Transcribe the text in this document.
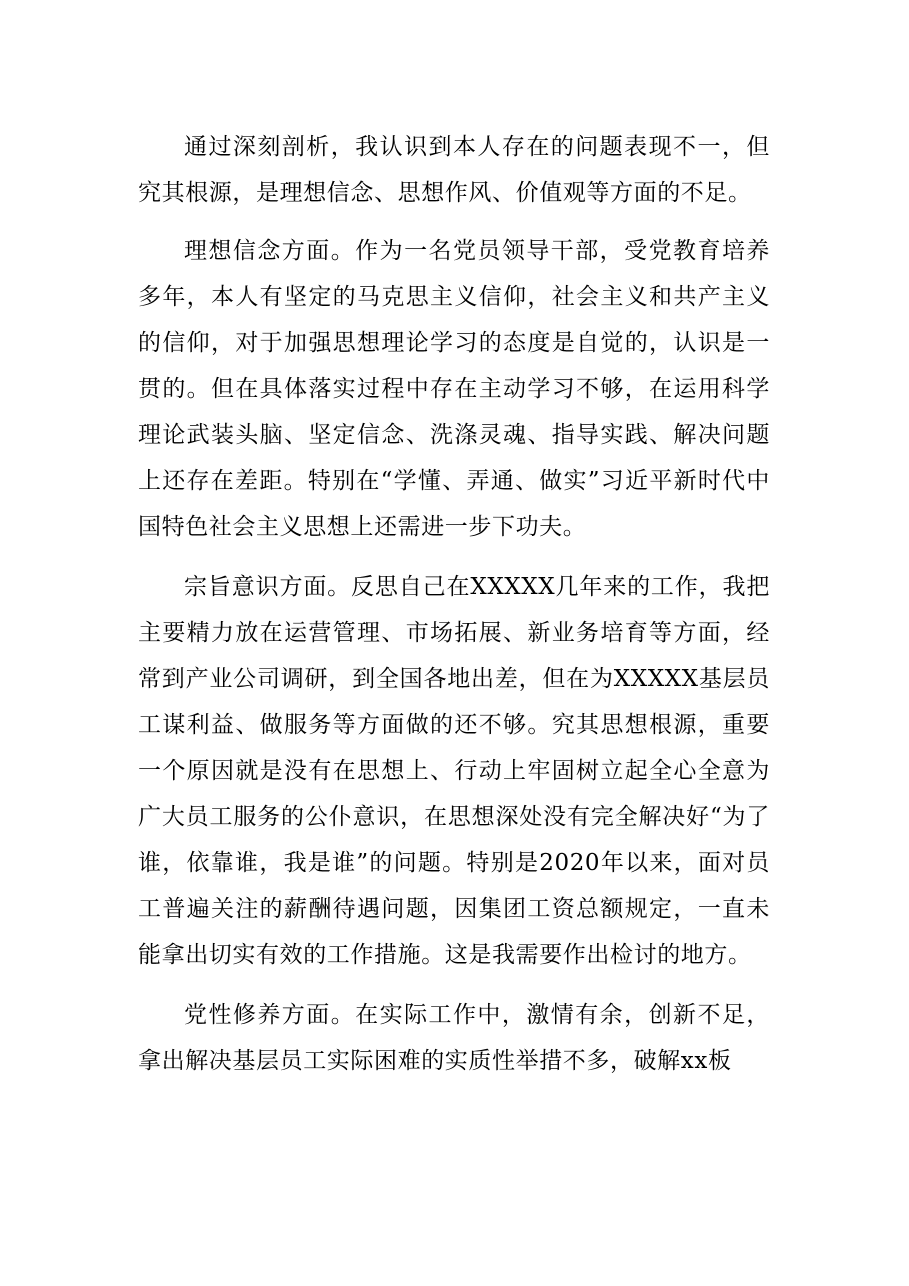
通过深刻剖析，我认识到本人存在的问题表现不一，但究其根源，是理想信念、思想作风、价值观等方面的不足。

理想信念方面。作为一名党员领导干部，受党教育培养多年，本人有坚定的马克思主义信仰，社会主义和共产主义的信仰，对于加强思想理论学习的态度是自觉的，认识是一贯的。但在具体落实过程中存在主动学习不够，在运用科学理论武装头脑、坚定信念、洗涤灵魂、指导实践、解决问题上还存在差距。特别在“学懂、弄通、做实”习近平新时代中国特色社会主义思想上还需进一步下功夫。

宗旨意识方面。反思自己在XXXXX几年来的工作，我把主要精力放在运营管理、市场拓展、新业务培育等方面，经常到产业公司调研，到全国各地出差，但在为XXXXX基层员工谋利益、做服务等方面做的还不够。究其思想根源，重要一个原因就是没有在思想上、行动上牢固树立起全心全意为广大员工服务的公仆意识，在思想深处没有完全解决好“为了谁，依靠谁，我是谁”的问题。特别是2020年以来，面对员工普遍关注的薪酬待遇问题，因集团工资总额规定，一直未能拿出切实有效的工作措施。这是我需要作出检讨的地方。

党性修养方面。在实际工作中，激情有余，创新不足，拿出解决基层员工实际困难的实质性举措不多，破解xx板
